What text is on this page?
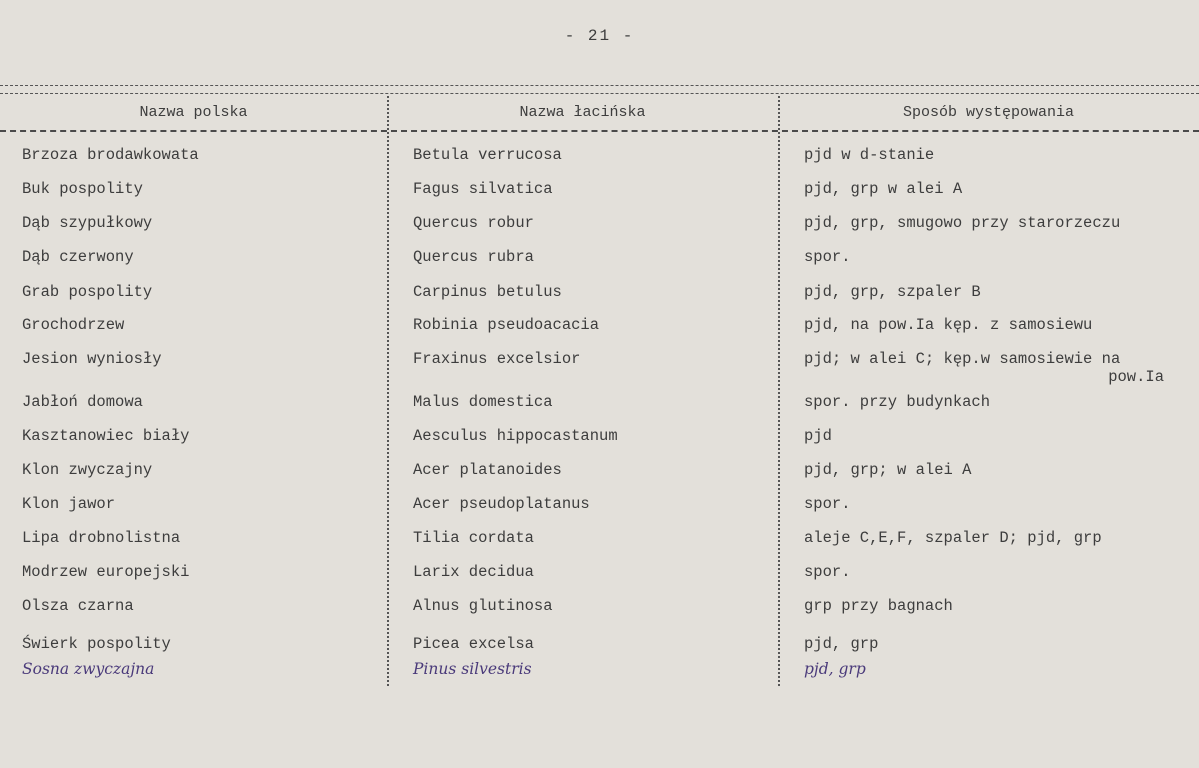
- 21 -
Nazwa polska	Nazwa łacińska	Sposób występowania
Brzoza brodawkowata	Betula verrucosa	pjd w d-stanie
Buk pospolity	Fagus silvatica	pjd, grp w alei A
Dąb szypułkowy	Quercus robur	pjd, grp, smugowo przy starorzeczu
Dąb czerwony	Quercus rubra	spor.
Grab pospolity	Carpinus betulus	pjd, grp, szpaler B
Grochodrzew	Robinia pseudoacacia	pjd, na pow.Ia kęp. z samosiewu
Jesion wyniosły	Fraxinus excelsior	pjd; w alei C; kęp.w samosiewie na
pow.Ia
Jabłoń domowa	Malus domestica	spor. przy budynkach
Kasztanowiec biały	Aesculus hippocastanum	pjd
Klon zwyczajny	Acer platanoides	pjd, grp; w alei A
Klon jawor	Acer pseudoplatanus	spor.
Lipa drobnolistna	Tilia cordata	aleje C,E,F, szpaler D; pjd, grp
Modrzew europejski	Larix decidua	spor.
Olsza czarna	Alnus glutinosa	grp przy bagnach
Świerk pospolity	Picea excelsa	pjd, grp
Sosna zwyczajna	Pinus silvestris	pjd, grp
